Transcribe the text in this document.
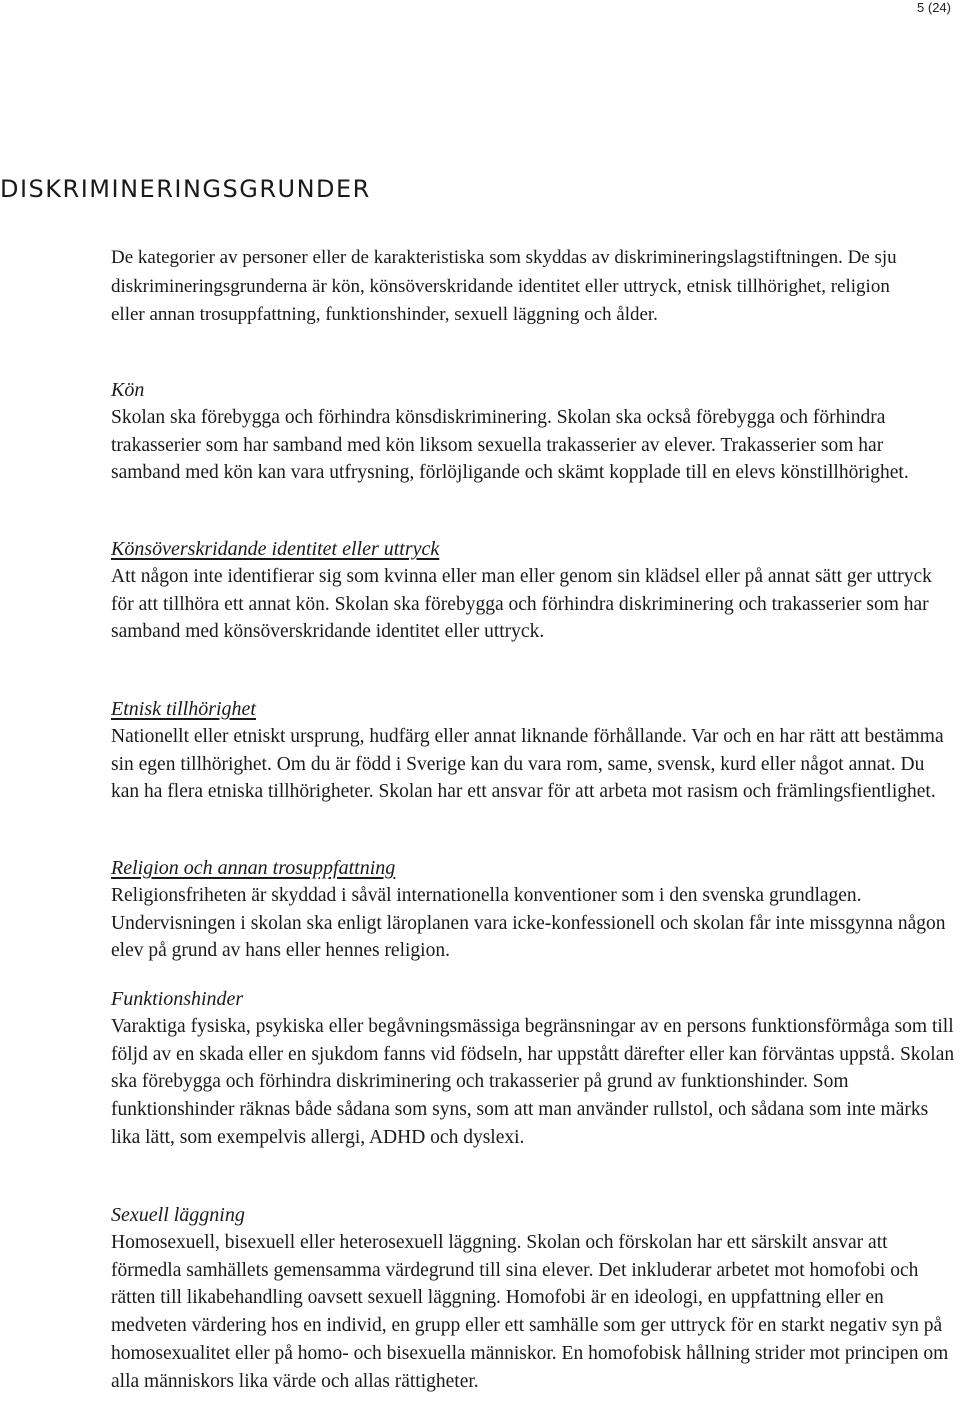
5 (24)
DISKRIMINERINGSGRUNDER

De kategorier av personer eller de karakteristiska som skyddas av diskrimineringslagstiftningen. De sju diskrimineringsgrunderna är kön, könsöverskridande identitet eller uttryck, etnisk tillhörighet, religion eller annan trosuppfattning, funktionshinder, sexuell läggning och ålder.

Kön

Skolan ska förebygga och förhindra könsdiskriminering. Skolan ska också förebygga och förhindra trakasserier som har samband med kön liksom sexuella trakasserier av elever. Trakasserier som har samband med kön kan vara utfrysning, förlöjligande och skämt kopplade till en elevs könstillhörighet.

Könsöverskridande identitet eller uttryck

Att någon inte identifierar sig som kvinna eller man eller genom sin klädsel eller på annat sätt ger uttryck för att tillhöra ett annat kön. Skolan ska förebygga och förhindra diskriminering och trakasserier som har samband med könsöverskridande identitet eller uttryck.

Etnisk tillhörighet

Nationellt eller etniskt ursprung, hudfärg eller annat liknande förhållande. Var och en har rätt att bestämma sin egen tillhörighet. Om du är född i Sverige kan du vara rom, same, svensk, kurd eller något annat. Du kan ha flera etniska tillhörigheter. Skolan har ett ansvar för att arbeta mot rasism och främlingsfientlighet.

Religion och annan trosuppfattning

Religionsfriheten är skyddad i såväl internationella konventioner som i den svenska grundlagen. Undervisningen i skolan ska enligt läroplanen vara icke-konfessionell och skolan får inte missgynna någon elev på grund av hans eller hennes religion.

Funktionshinder

Varaktiga fysiska, psykiska eller begåvningsmässiga begränsningar av en persons funktionsförmåga som till följd av en skada eller en sjukdom fanns vid födseln, har uppstått därefter eller kan förväntas uppstå. Skolan ska förebygga och förhindra diskriminering och trakasserier på grund av funktionshinder. Som funktionshinder räknas både sådana som syns, som att man använder rullstol, och sådana som inte märks lika lätt, som exempelvis allergi, ADHD och dyslexi.

Sexuell läggning

Homosexuell, bisexuell eller heterosexuell läggning. Skolan och förskolan har ett särskilt ansvar att förmedla samhällets gemensamma värdegrund till sina elever. Det inkluderar arbetet mot homofobi och rätten till likabehandling oavsett sexuell läggning. Homofobi är en ideologi, en uppfattning eller en medveten värdering hos en individ, en grupp eller ett samhälle som ger uttryck för en starkt negativ syn på homosexualitet eller på homo- och bisexuella människor. En homofobisk hållning strider mot principen om alla människors lika värde och allas rättigheter.
